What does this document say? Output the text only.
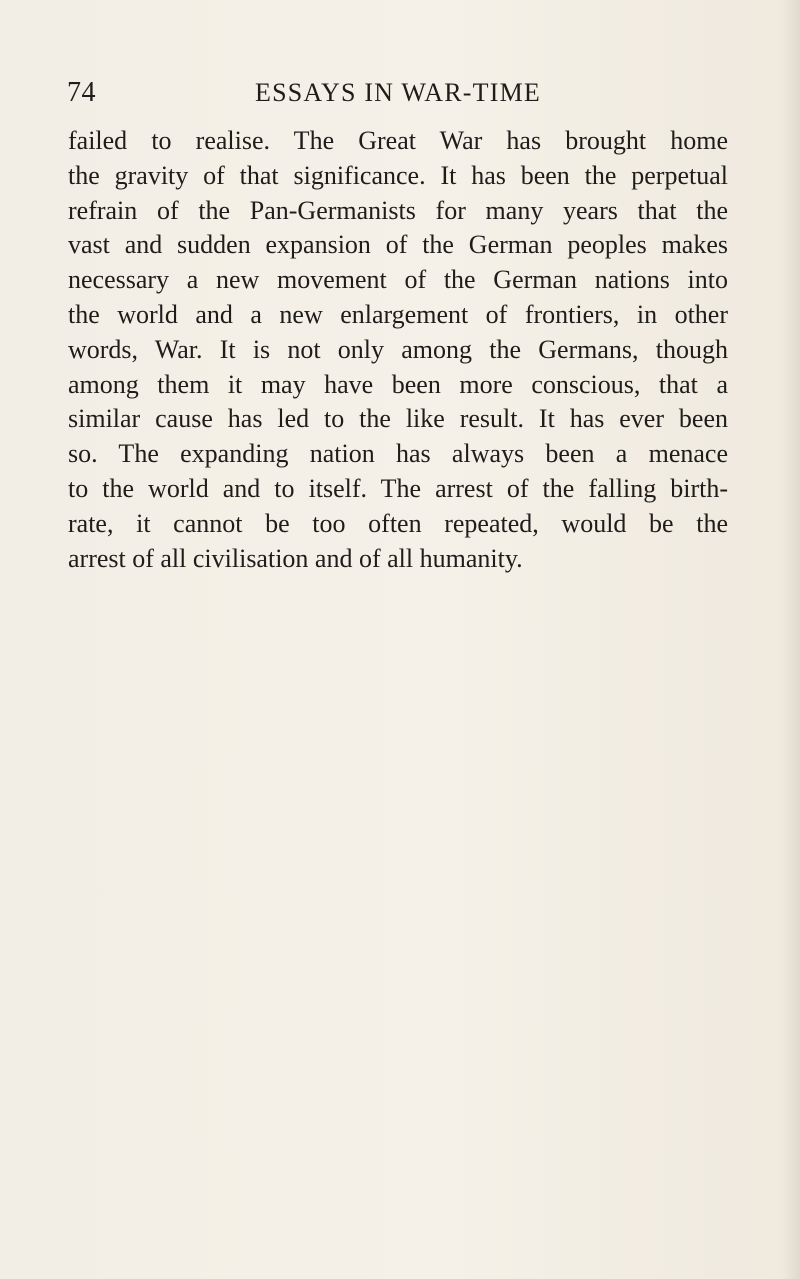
74	ESSAYS IN WAR-TIME
failed to realise. The Great War has brought home
the gravity of that significance. It has been the perpetual
refrain of the Pan-Germanists for many years that the
vast and sudden expansion of the German peoples makes
necessary a new movement of the German nations into
the world and a new enlargement of frontiers, in other
words, War. It is not only among the Germans, though
among them it may have been more conscious, that a
similar cause has led to the like result. It has ever been
so. The expanding nation has always been a menace
to the world and to itself. The arrest of the falling birth-
rate, it cannot be too often repeated, would be the
arrest of all civilisation and of all humanity.
